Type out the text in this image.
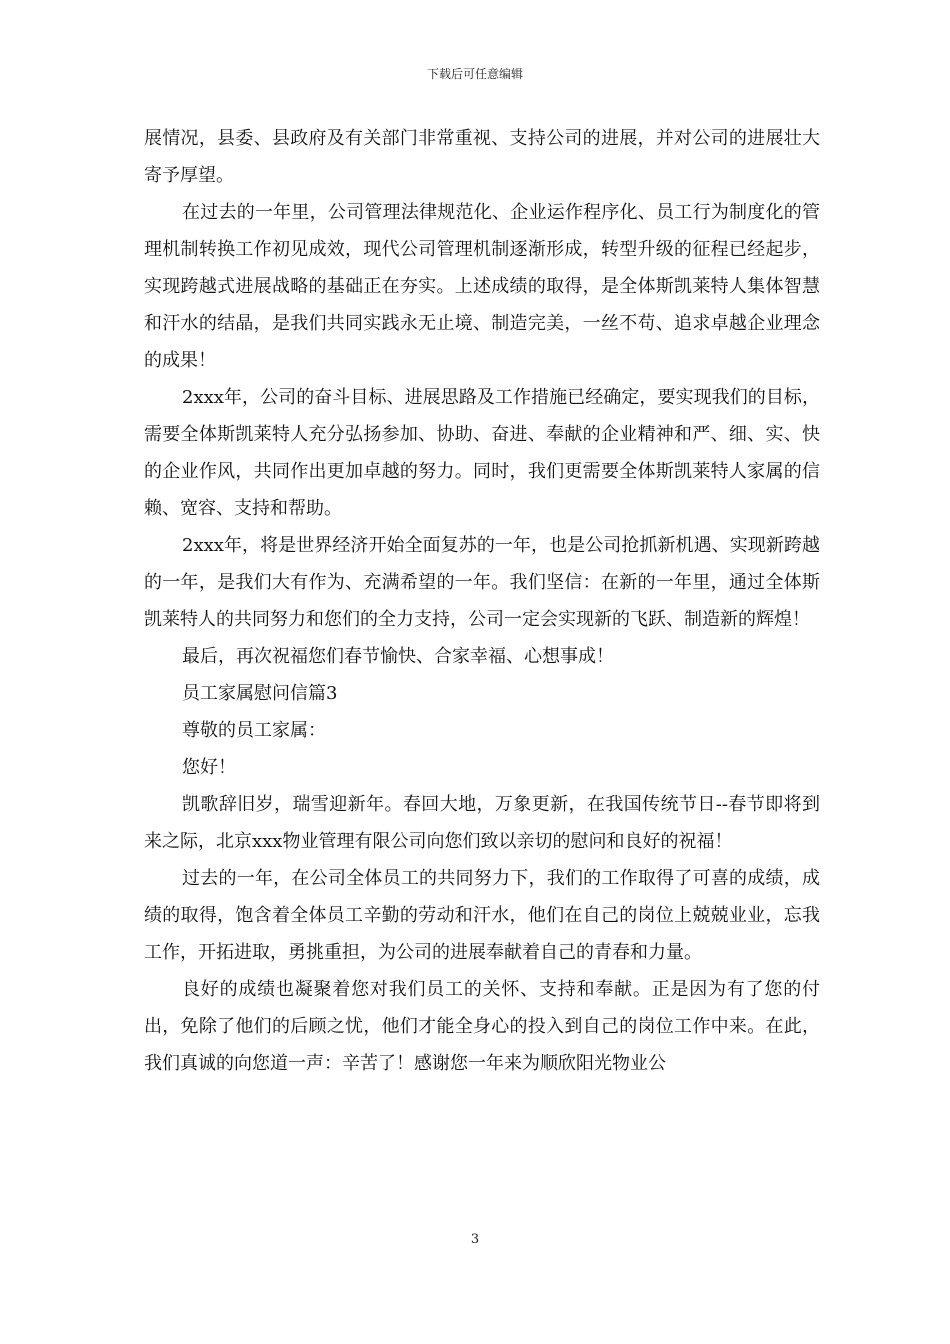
下载后可任意编辑

展情况，县委、县政府及有关部门非常重视、支持公司的进展，并对公司的进展壮大寄予厚望。

在过去的一年里，公司管理法律规范化、企业运作程序化、员工行为制度化的管理机制转换工作初见成效，现代公司管理机制逐渐形成，转型升级的征程已经起步，实现跨越式进展战略的基础正在夯实。上述成绩的取得，是全体斯凯莱特人集体智慧和汗水的结晶，是我们共同实践永无止境、制造完美，一丝不苟、追求卓越企业理念的成果！

2xxx年，公司的奋斗目标、进展思路及工作措施已经确定，要实现我们的目标，需要全体斯凯莱特人充分弘扬参加、协助、奋进、奉献的企业精神和严、细、实、快的企业作风，共同作出更加卓越的努力。同时，我们更需要全体斯凯莱特人家属的信赖、宽容、支持和帮助。

2xxx年，将是世界经济开始全面复苏的一年，也是公司抢抓新机遇、实现新跨越的一年，是我们大有作为、充满希望的一年。我们坚信：在新的一年里，通过全体斯凯莱特人的共同努力和您们的全力支持，公司一定会实现新的飞跃、制造新的辉煌！

最后，再次祝福您们春节愉快、合家幸福、心想事成！

员工家属慰问信篇3

尊敬的员工家属：

您好！

凯歌辞旧岁，瑞雪迎新年。春回大地，万象更新，在我国传统节日--春节即将到来之际，北京xxx物业管理有限公司向您们致以亲切的慰问和良好的祝福！

过去的一年，在公司全体员工的共同努力下，我们的工作取得了可喜的成绩，成绩的取得，饱含着全体员工辛勤的劳动和汗水，他们在自己的岗位上兢兢业业，忘我工作，开拓进取，勇挑重担，为公司的进展奉献着自己的青春和力量。

良好的成绩也凝聚着您对我们员工的关怀、支持和奉献。正是因为有了您的付出，免除了他们的后顾之忧，他们才能全身心的投入到自己的岗位工作中来。在此，我们真诚的向您道一声：辛苦了！感谢您一年来为顺欣阳光物业公

3
